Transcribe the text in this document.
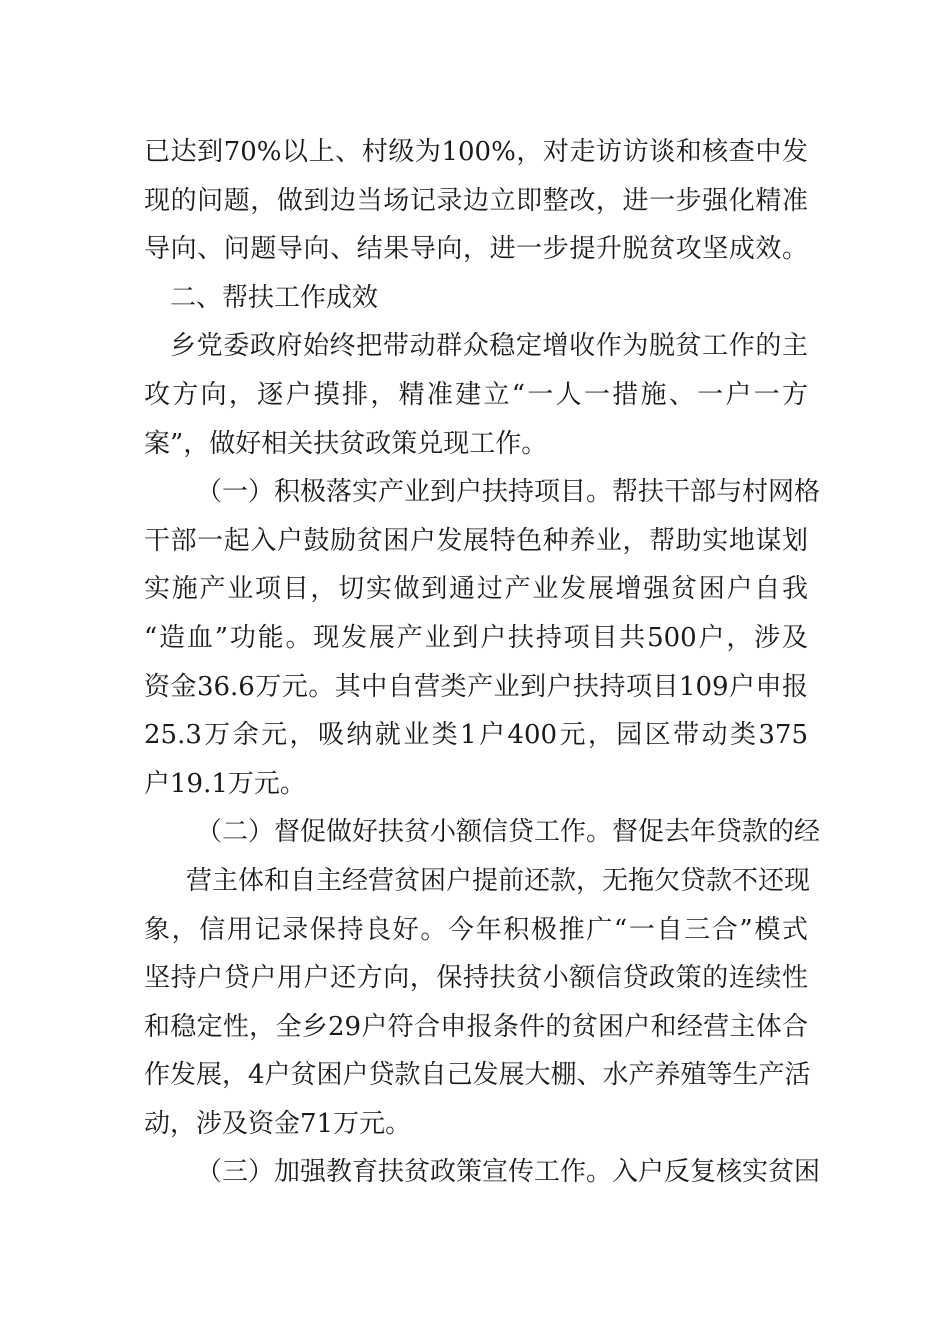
已达到70%以上、村级为100%，对走访访谈和核查中发
现的问题，做到边当场记录边立即整改，进一步强化精准
导向、问题导向、结果导向，进一步提升脱贫攻坚成效。
二、帮扶工作成效
乡党委政府始终把带动群众稳定增收作为脱贫工作的主
攻方向，逐户摸排，精准建立“一人一措施、一户一方
案”，做好相关扶贫政策兑现工作。
（一）积极落实产业到户扶持项目。帮扶干部与村网格
干部一起入户鼓励贫困户发展特色种养业，帮助实地谋划
实施产业项目，切实做到通过产业发展增强贫困户自我
“造血”功能。现发展产业到户扶持项目共500户，涉及
资金36.6万元。其中自营类产业到户扶持项目109户申报
25.3万余元，吸纳就业类1户400元，园区带动类375
户19.1万元。
（二）督促做好扶贫小额信贷工作。督促去年贷款的经
营主体和自主经营贫困户提前还款，无拖欠贷款不还现
象，信用记录保持良好。今年积极推广“一自三合”模式
坚持户贷户用户还方向，保持扶贫小额信贷政策的连续性
和稳定性，全乡29户符合申报条件的贫困户和经营主体合
作发展，4户贫困户贷款自己发展大棚、水产养殖等生产活
动，涉及资金71万元。
（三）加强教育扶贫政策宣传工作。入户反复核实贫困
